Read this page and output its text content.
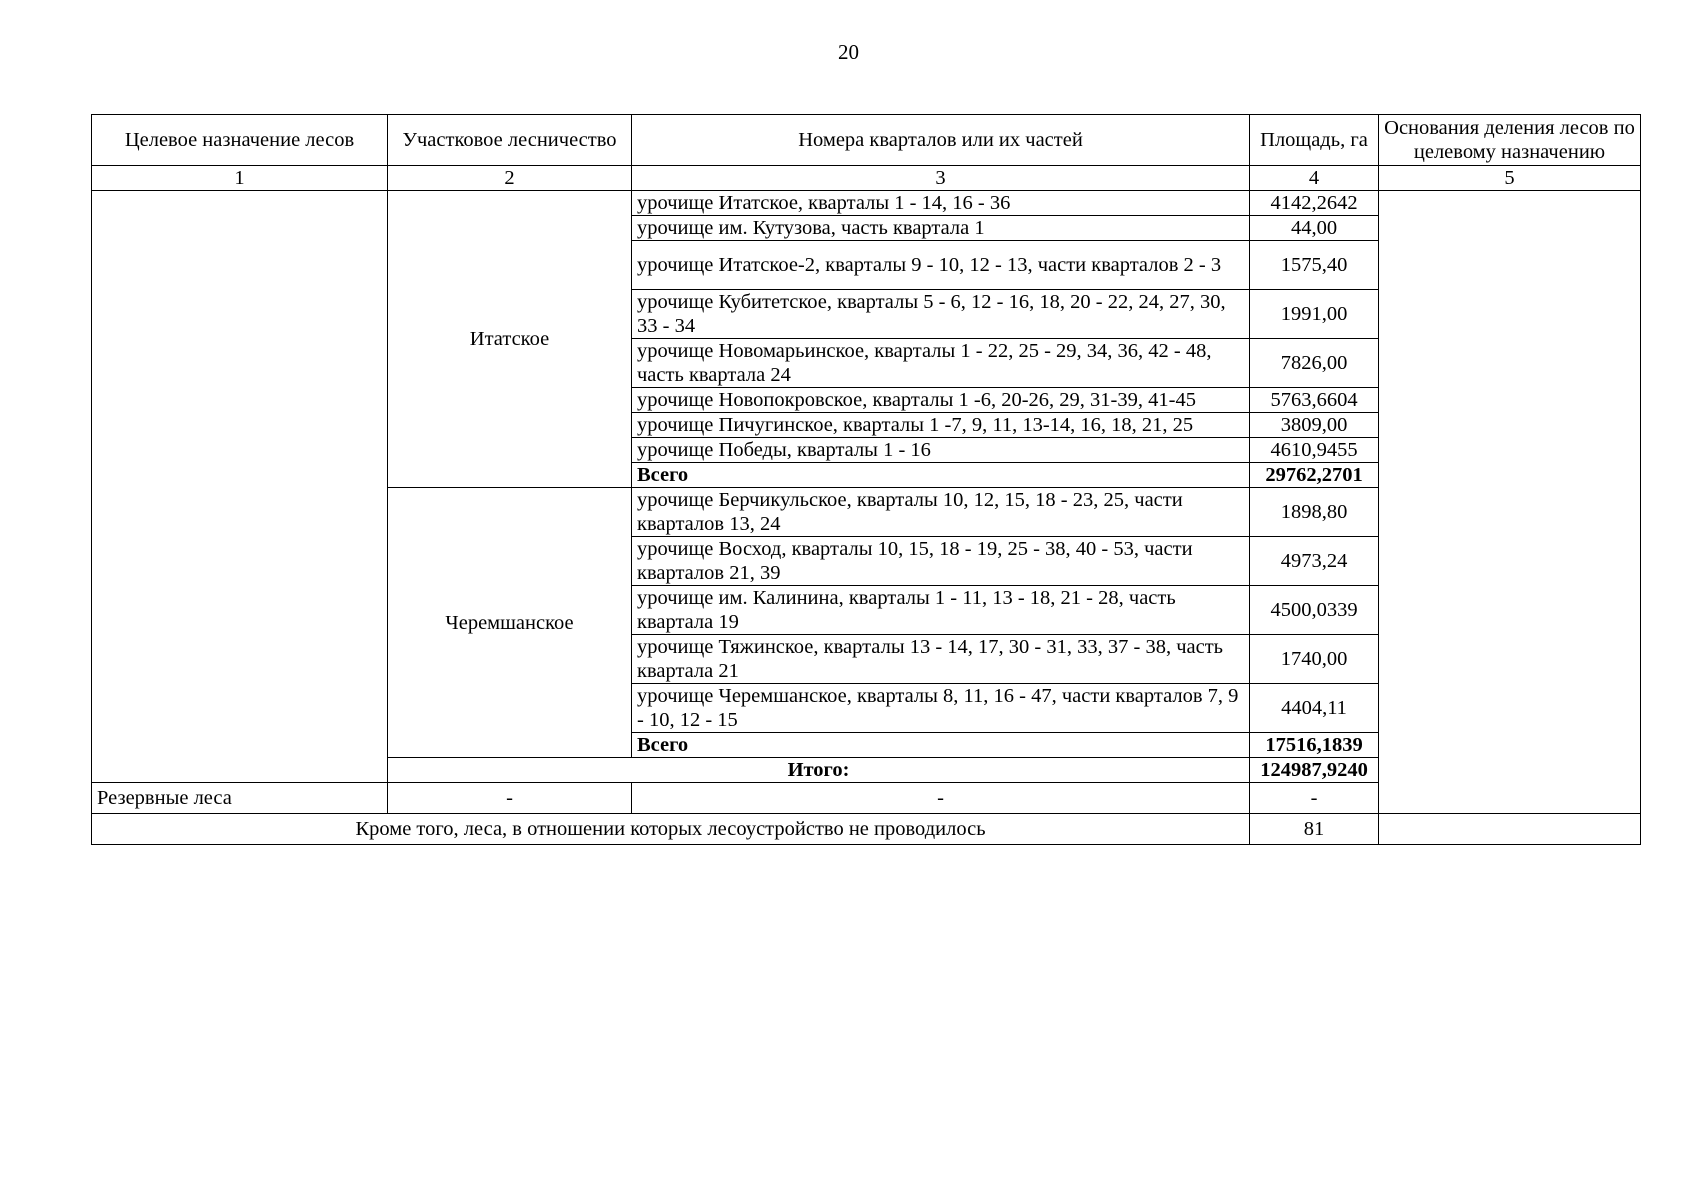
20
Целевое назначение лесов	Участковое лесничество	Номера кварталов или их частей	Площадь, га	Основания деления лесов по целевому назначению	
1	2	3	4	5	
	Итатское	урочище Итатское, кварталы 1 - 14, 16 - 36	4142,2642		
		урочище им. Кутузова, часть квартала 1	44,00		
		урочище Итатское-2, кварталы 9 - 10, 12 - 13, части кварталов 2 - 3	1575,40		
		урочище Кубитетское, кварталы 5 - 6, 12 - 16, 18, 20 - 22, 24, 27, 30, 33 - 34	1991,00		
		урочище Новомарьинское, кварталы 1 - 22, 25 - 29, 34, 36, 42 - 48, часть квартала 24	7826,00		
		урочище Новопокровское, кварталы 1 -6, 20-26, 29, 31-39, 41-45	5763,6604		
		урочище Пичугинское, кварталы 1 -7, 9, 11, 13-14, 16, 18, 21, 25	3809,00		
		урочище Победы, кварталы 1 - 16	4610,9455		
		Всего	29762,2701		
	Черемшанское	урочище Берчикульское, кварталы 10, 12, 15, 18 - 23, 25, части кварталов 13, 24	1898,80		
		урочище Восход, кварталы 10, 15, 18 - 19, 25 - 38, 40 - 53, части кварталов 21, 39	4973,24		
		урочище им. Калинина, кварталы 1 - 11, 13 - 18, 21 - 28, часть квартала 19	4500,0339		
		урочище Тяжинское, кварталы 13 - 14, 17, 30 - 31, 33, 37 - 38, часть квартала 21	1740,00		
		урочище Черемшанское, кварталы 8, 11, 16 - 47, части кварталов 7, 9 - 10, 12 - 15	4404,11		
		Всего	17516,1839		
	Итого:		124987,9240		
Резервные леса	-	-	-		
Кроме того, леса, в отношении которых лесоустройство не проводилось			81		
